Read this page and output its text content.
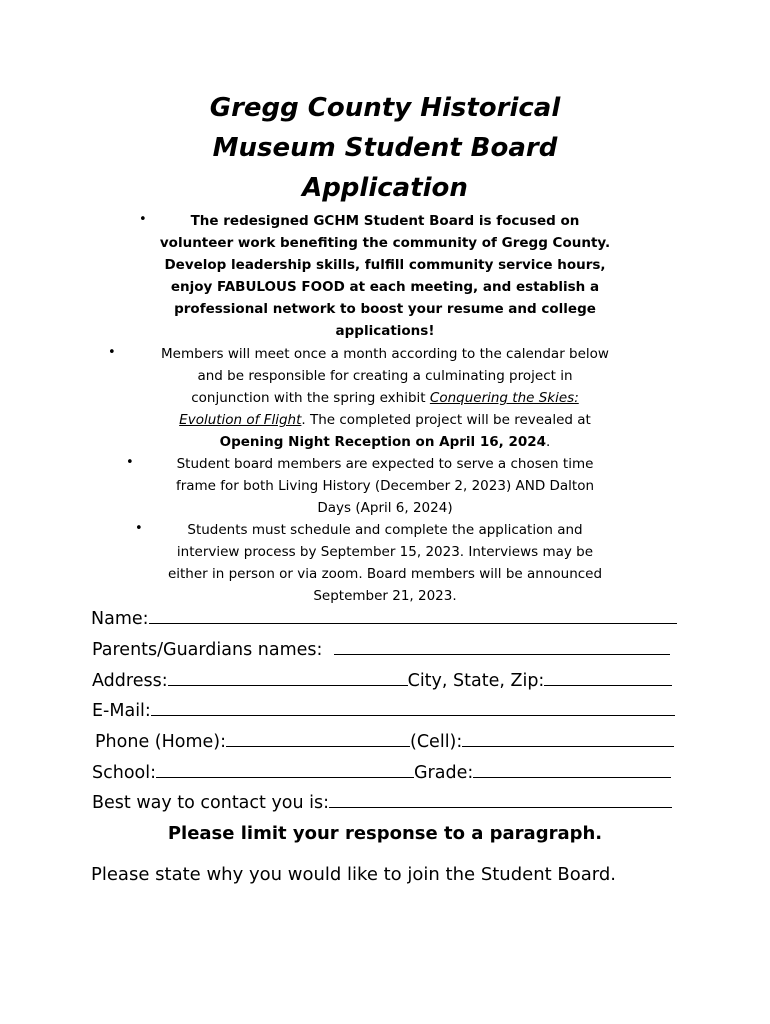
Gregg County Historical
Museum Student Board
Application
•	The redesigned GCHM Student Board is focused on
volunteer work benefiting the community of Gregg County.
Develop leadership skills, fulfill community service hours,
enjoy FABULOUS FOOD at each meeting, and establish a
professional network to boost your resume and college
applications!
•	Members will meet once a month according to the calendar below
and be responsible for creating a culminating project in
conjunction with the spring exhibit Conquering the Skies:
Evolution of Flight. The completed project will be revealed at
Opening Night Reception on April 16, 2024.
•	Student board members are expected to serve a chosen time
frame for both Living History (December 2, 2023) AND Dalton
Days (April 6, 2024)
•	Students must schedule and complete the application and
interview process by September 15, 2023. Interviews may be
either in person or via zoom. Board members will be announced
September 21, 2023.
Name:
Parents/Guardians names:
Address:	City, State, Zip:
E-Mail:
Phone (Home):	(Cell):
School:	Grade:
Best way to contact you is:
Please limit your response to a paragraph.
Please state why you would like to join the Student Board.
